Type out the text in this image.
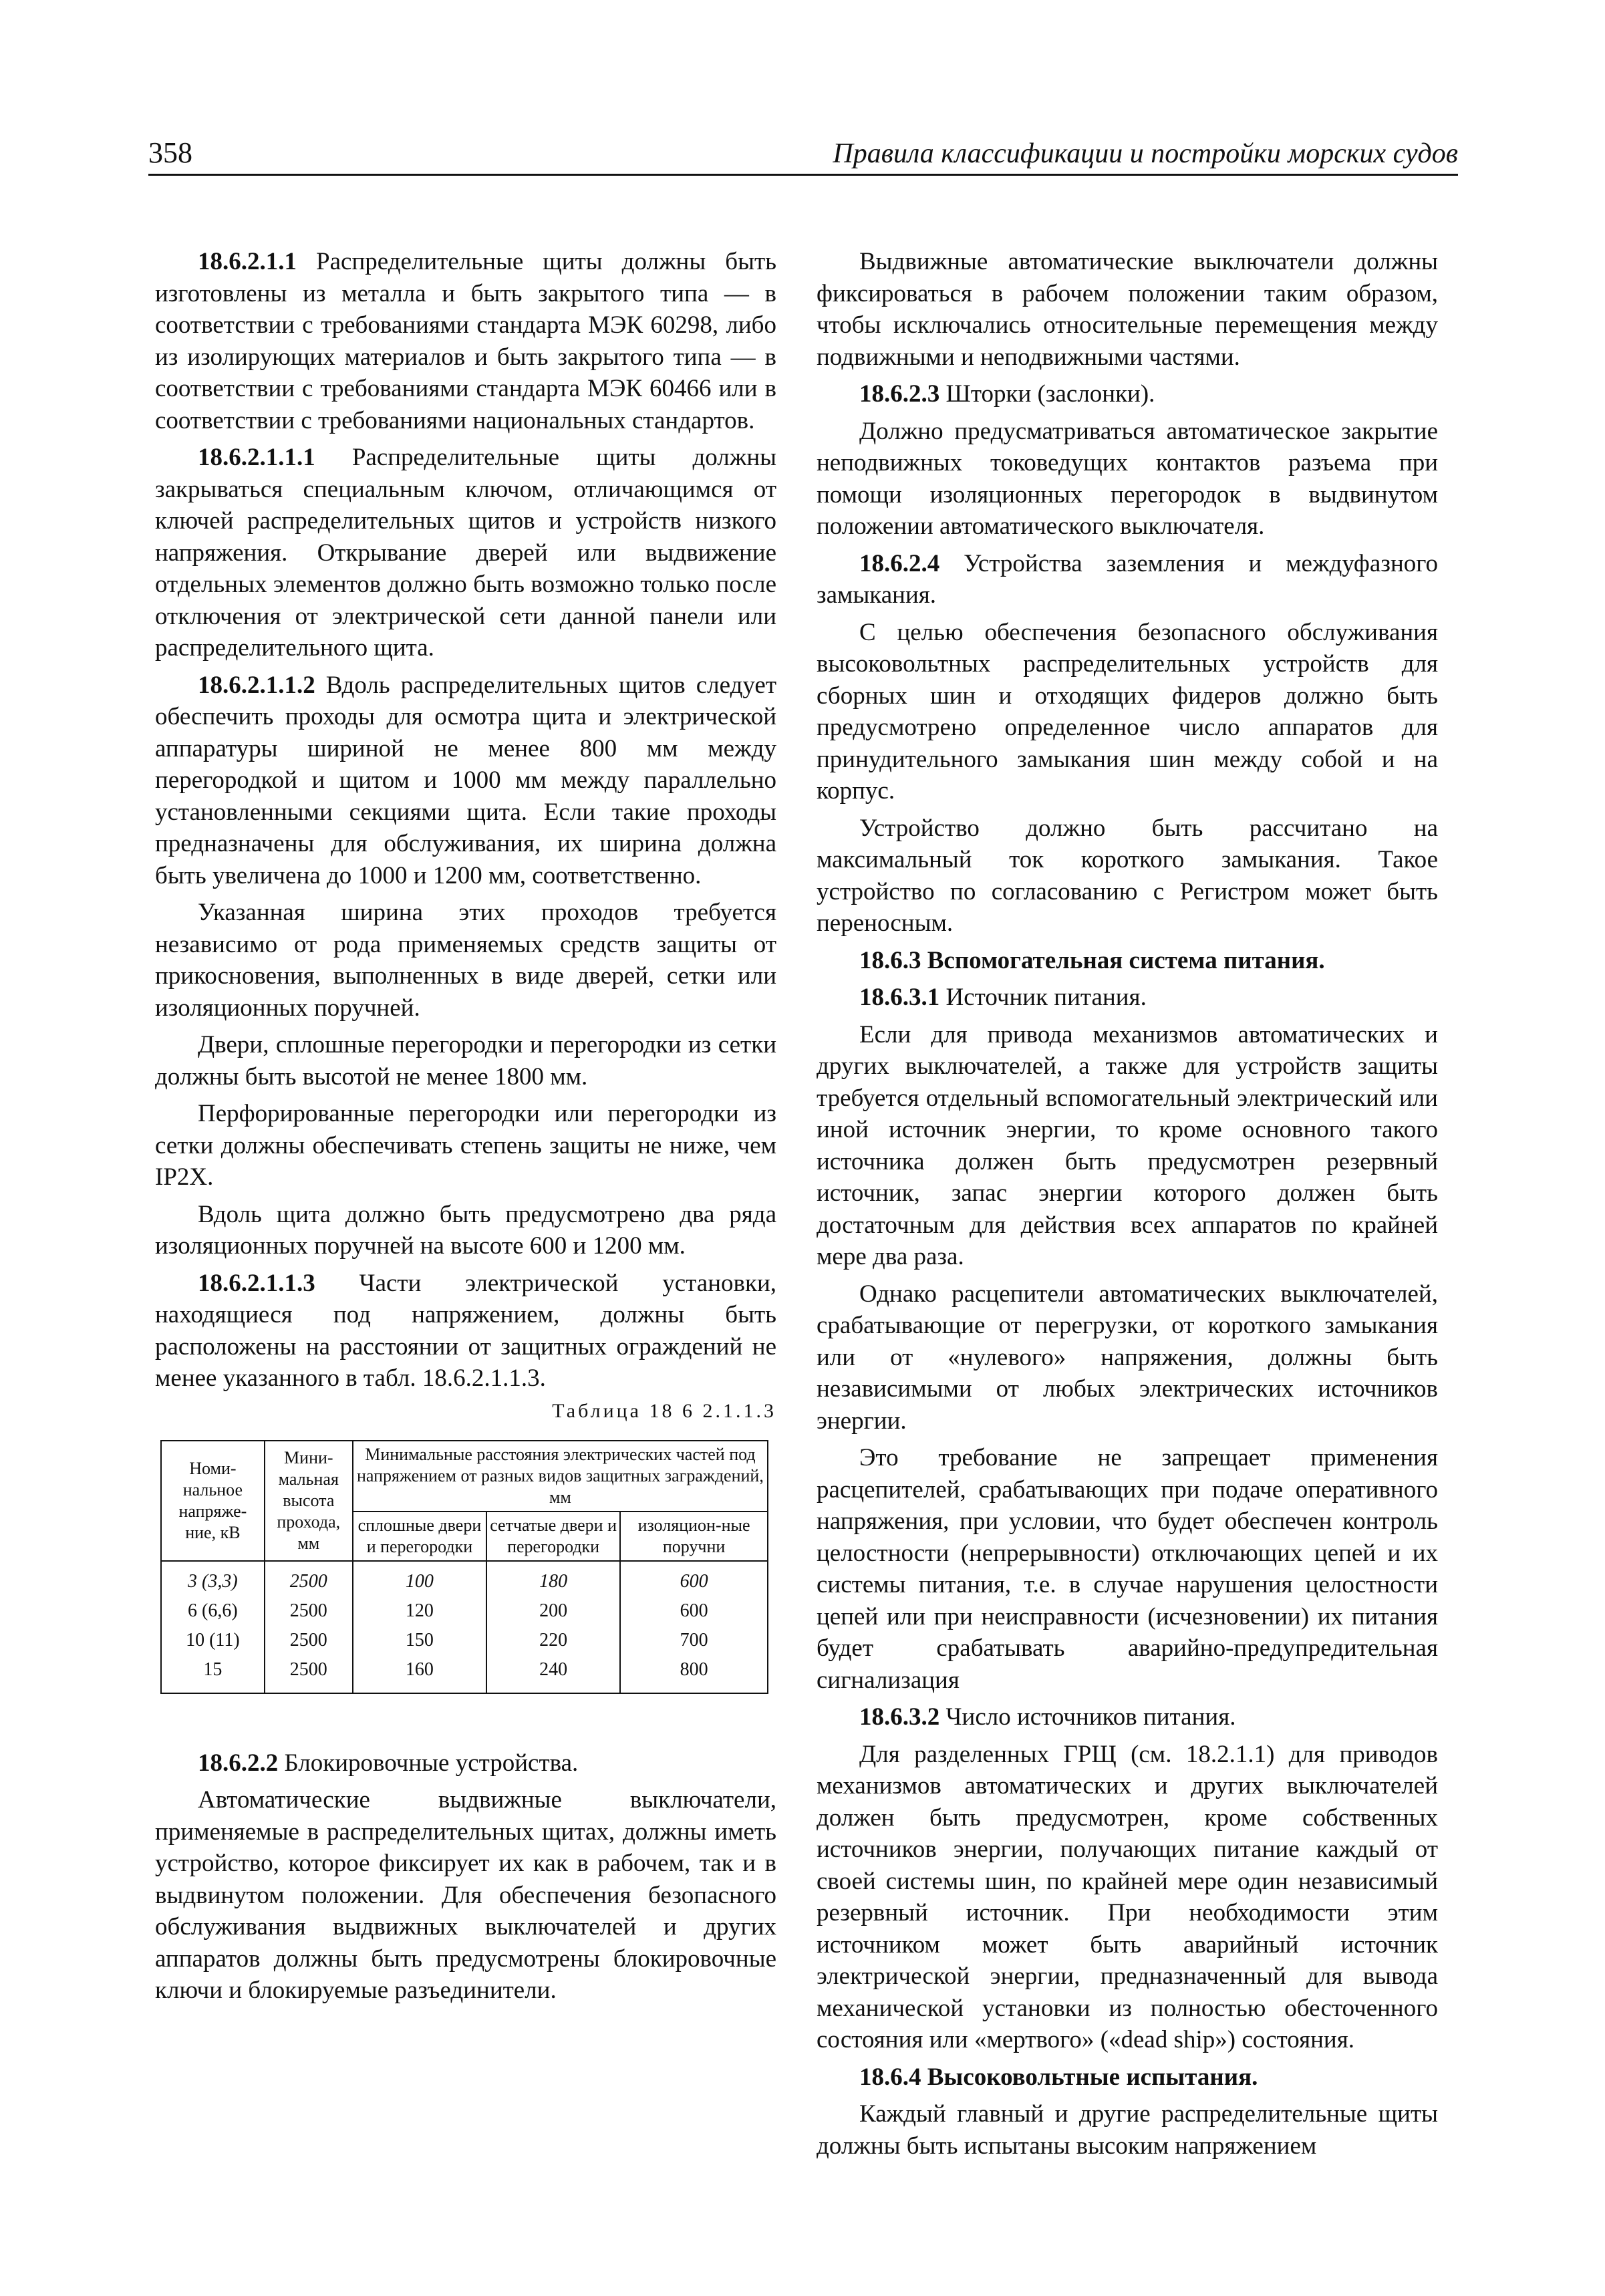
358	Правила классификации и постройки морских судов

18.6.2.1.1 Распределительные щиты должны быть изготовлены из металла и быть закрытого типа — в соответствии с требованиями стандарта МЭК 60298, либо из изолирующих материалов и быть закрытого типа — в соответствии с требованиями стандарта МЭК 60466 или в соответствии с требованиями национальных стандартов.

18.6.2.1.1.1 Распределительные щиты должны закрываться специальным ключом, отличающимся от ключей распределительных щитов и устройств низкого напряжения. Открывание дверей или выдвижение отдельных элементов должно быть возможно только после отключения от электрической сети данной панели или распределительного щита.

18.6.2.1.1.2 Вдоль распределительных щитов следует обеспечить проходы для осмотра щита и электрической аппаратуры шириной не менее 800 мм между перегородкой и щитом и 1000 мм между параллельно установленными секциями щита. Если такие проходы предназначены для обслуживания, их ширина должна быть увеличена до 1000 и 1200 мм, соответственно.

Указанная ширина этих проходов требуется независимо от рода применяемых средств защиты от прикосновения, выполненных в виде дверей, сетки или изоляционных поручней.

Двери, сплошные перегородки и перегородки из сетки должны быть высотой не менее 1800 мм.

Перфорированные перегородки или перегородки из сетки должны обеспечивать степень защиты не ниже, чем IP2X.

Вдоль щита должно быть предусмотрено два ряда изоляционных поручней на высоте 600 и 1200 мм.

18.6.2.1.1.3 Части электрической установки, находящиеся под напряжением, должны быть расположены на расстоянии от защитных ограждений не менее указанного в табл. 18.6.2.1.1.3.

Таблица 18 6 2.1.1.3
Номи-нальное напряже-ние, кВ	Мини-мальная высота прохода, мм	Минимальные расстояния электрических частей под напряжением от разных видов защитных заграждений, мм		
		сплошные двери и перегородки	сетчатые двери и перегородки	изоляцион-ные поручни
3 (3,3)	2500	100	180	600
6 (6,6)	2500	120	200	600
10 (11)	2500	150	220	700
15	2500	160	240	800

18.6.2.2 Блокировочные устройства.

Автоматические выдвижные выключатели, применяемые в распределительных щитах, должны иметь устройство, которое фиксирует их как в рабочем, так и в выдвинутом положении. Для обеспечения безопасного обслуживания выдвижных выключателей и других аппаратов должны быть предусмотрены блокировочные ключи и блокируемые разъединители.

Выдвижные автоматические выключатели должны фиксироваться в рабочем положении таким образом, чтобы исключались относительные перемещения между подвижными и неподвижными частями.

18.6.2.3 Шторки (заслонки).

Должно предусматриваться автоматическое закрытие неподвижных токоведущих контактов разъема при помощи изоляционных перегородок в выдвинутом положении автоматического выключателя.

18.6.2.4 Устройства заземления и междуфазного замыкания.

С целью обеспечения безопасного обслуживания высоковольтных распределительных устройств для сборных шин и отходящих фидеров должно быть предусмотрено определенное число аппаратов для принудительного замыкания шин между собой и на корпус.

Устройство должно быть рассчитано на максимальный ток короткого замыкания. Такое устройство по согласованию с Регистром может быть переносным.

18.6.3 Вспомогательная система питания.

18.6.3.1 Источник питания.

Если для привода механизмов автоматических и других выключателей, а также для устройств защиты требуется отдельный вспомогательный электрический или иной источник энергии, то кроме основного такого источника должен быть предусмотрен резервный источник, запас энергии которого должен быть достаточным для действия всех аппаратов по крайней мере два раза.

Однако расцепители автоматических выключателей, срабатывающие от перегрузки, от короткого замыкания или от «нулевого» напряжения, должны быть независимыми от любых электрических источников энергии.

Это требование не запрещает применения расцепителей, срабатывающих при подаче оперативного напряжения, при условии, что будет обеспечен контроль целостности (непрерывности) отключающих цепей и их системы питания, т.е. в случае нарушения целостности цепей или при неисправности (исчезновении) их питания будет срабатывать аварийно-предупредительная сигнализация

18.6.3.2 Число источников питания.

Для разделенных ГРЩ (см. 18.2.1.1) для приводов механизмов автоматических и других выключателей должен быть предусмотрен, кроме собственных источников энергии, получающих питание каждый от своей системы шин, по крайней мере один независимый резервный источник. При необходимости этим источником может быть аварийный источник электрической энергии, предназначенный для вывода механической установки из полностью обесточенного состояния или «мертвого» («dead ship») состояния.

18.6.4 Высоковольтные испытания.

Каждый главный и другие распределительные щиты должны быть испытаны высоким напряжением
